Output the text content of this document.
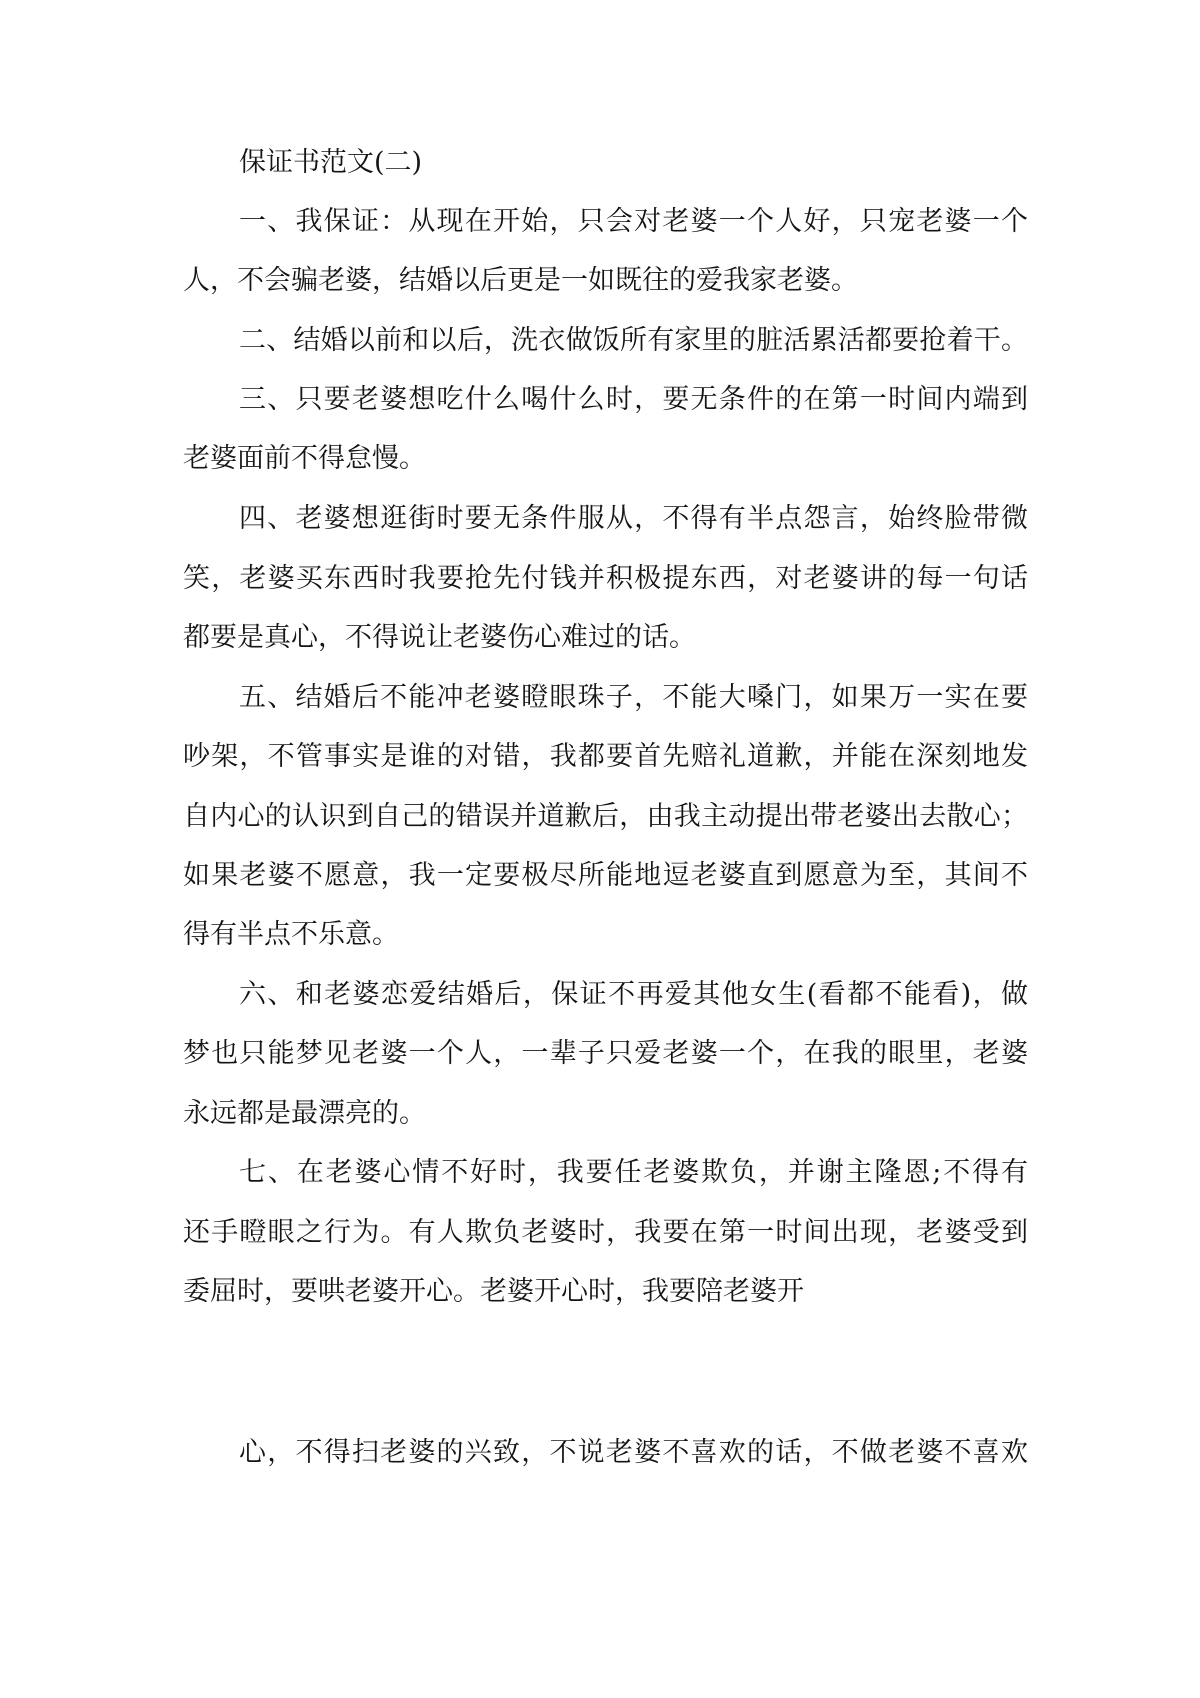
保证书范文(二)
一、我保证：从现在开始，只会对老婆一个人好，只宠老婆一个
人，不会骗老婆，结婚以后更是一如既往的爱我家老婆。
二、结婚以前和以后，洗衣做饭所有家里的脏活累活都要抢着干。
三、只要老婆想吃什么喝什么时，要无条件的在第一时间内端到
老婆面前不得怠慢。
四、老婆想逛街时要无条件服从，不得有半点怨言，始终脸带微
笑，老婆买东西时我要抢先付钱并积极提东西，对老婆讲的每一句话
都要是真心，不得说让老婆伤心难过的话。
五、结婚后不能冲老婆瞪眼珠子，不能大嗓门，如果万一实在要
吵架，不管事实是谁的对错，我都要首先赔礼道歉，并能在深刻地发
自内心的认识到自己的错误并道歉后，由我主动提出带老婆出去散心；
如果老婆不愿意，我一定要极尽所能地逗老婆直到愿意为至，其间不
得有半点不乐意。
六、和老婆恋爱结婚后，保证不再爱其他女生(看都不能看)，做
梦也只能梦见老婆一个人，一辈子只爱老婆一个，在我的眼里，老婆
永远都是最漂亮的。
七、在老婆心情不好时，我要任老婆欺负，并谢主隆恩;不得有
还手瞪眼之行为。有人欺负老婆时，我要在第一时间出现，老婆受到
委屈时，要哄老婆开心。老婆开心时，我要陪老婆开
心，不得扫老婆的兴致，不说老婆不喜欢的话，不做老婆不喜欢
